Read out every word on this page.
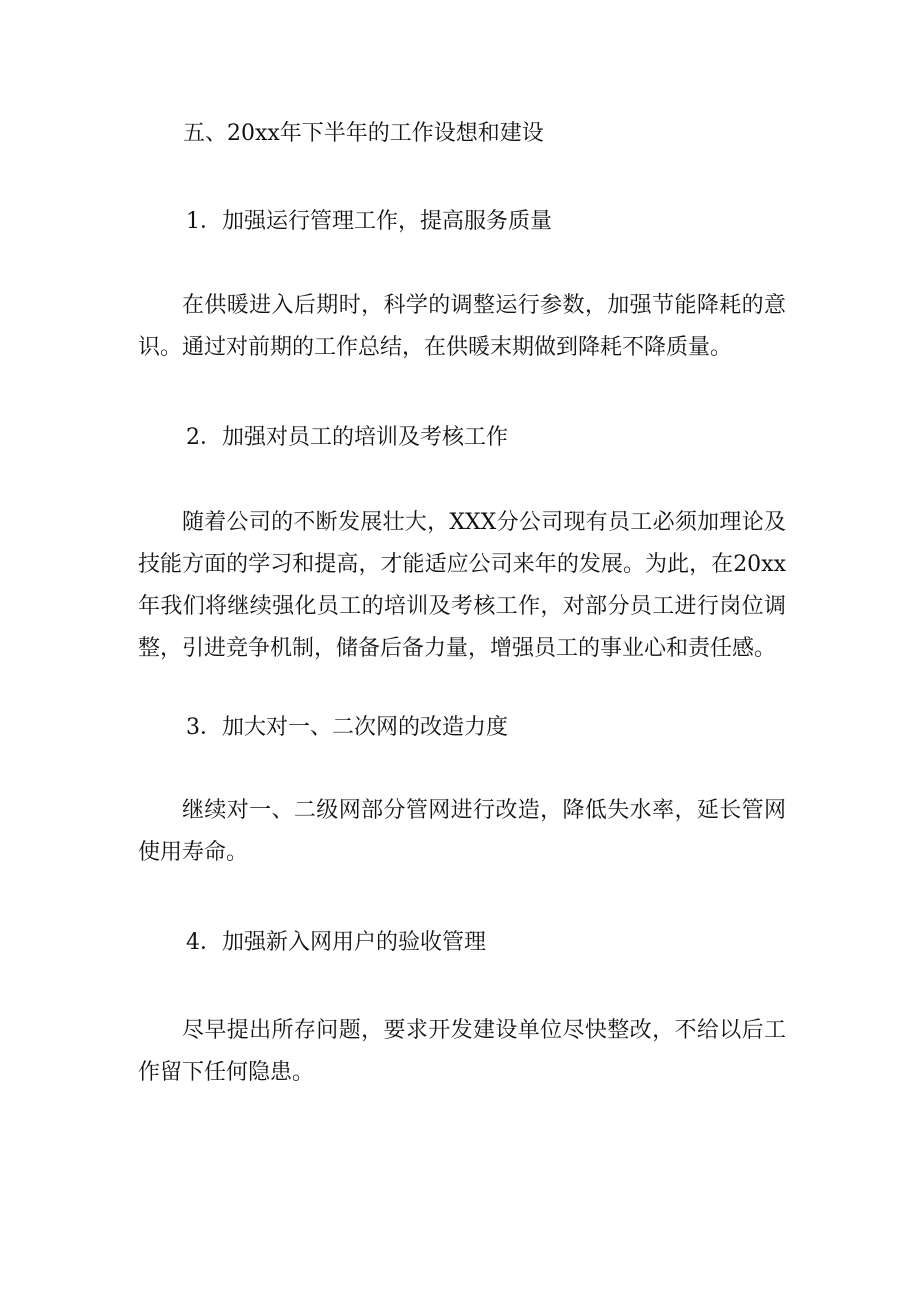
五、20xx年下半年的工作设想和建设

1．加强运行管理工作，提高服务质量

在供暖进入后期时，科学的调整运行参数，加强节能降耗的意识。通过对前期的工作总结，在供暖末期做到降耗不降质量。

2．加强对员工的培训及考核工作

随着公司的不断发展壮大，XXX分公司现有员工必须加理论及技能方面的学习和提高，才能适应公司来年的发展。为此，在20xx年我们将继续强化员工的培训及考核工作，对部分员工进行岗位调整，引进竞争机制，储备后备力量，增强员工的事业心和责任感。

3．加大对一、二次网的改造力度

继续对一、二级网部分管网进行改造，降低失水率，延长管网使用寿命。

4．加强新入网用户的验收管理

尽早提出所存问题，要求开发建设单位尽快整改，不给以后工作留下任何隐患。
